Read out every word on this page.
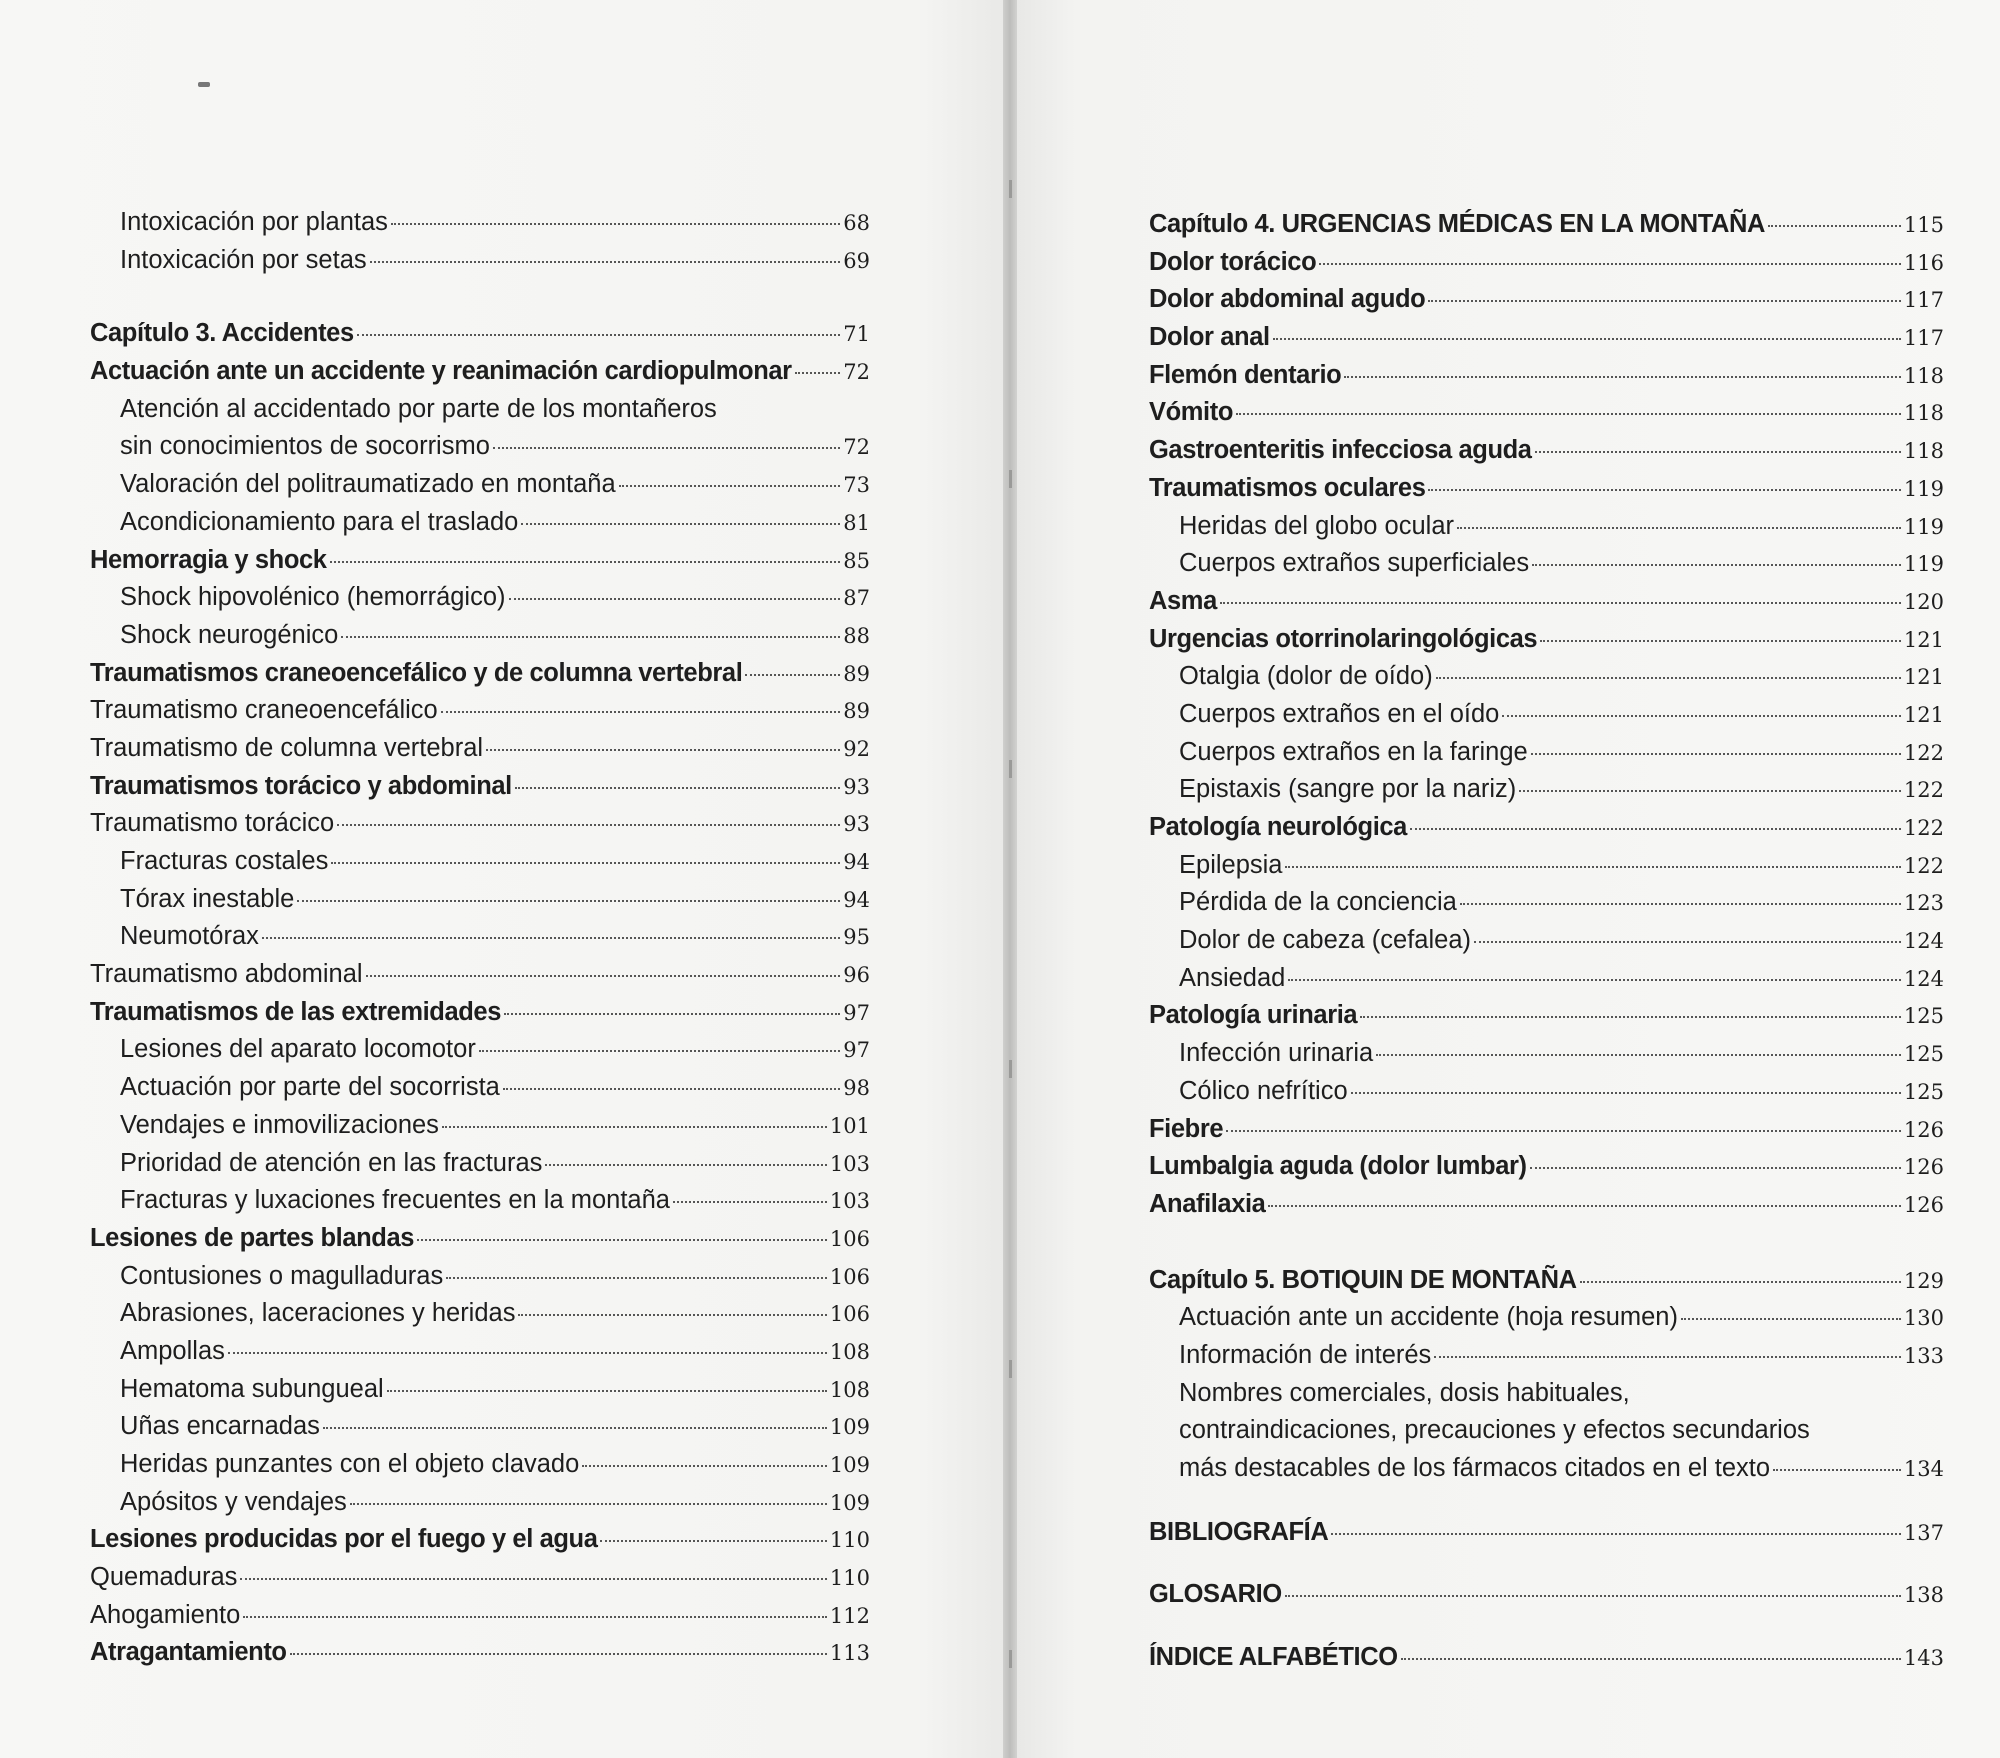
Intoxicación por plantas	68
Intoxicación por setas	69
Capítulo 3. Accidentes	71
Actuación ante un accidente y reanimación cardiopulmonar 72
Atención al accidentado por parte de los montañeros
sin conocimientos de socorrismo	72
Valoración del politraumatizado en montaña	73
Acondicionamiento para el traslado	81
Hemorragia y shock	85
Shock hipovolénico (hemorrágico)	87
Shock neurogénico	88
Traumatismos craneoencefálico y de columna vertebral	89
Traumatismo craneoencefálico	89
Traumatismo de columna vertebral	92
Traumatismos torácico y abdominal	93
Traumatismo torácico	93
Fracturas costales	94
Tórax inestable	94
Neumotórax	95
Traumatismo abdominal	96
Traumatismos de las extremidades	97
Lesiones del aparato locomotor	97
Actuación por parte del socorrista	98
Vendajes e inmovilizaciones	101
Prioridad de atención en las fracturas	103
Fracturas y luxaciones frecuentes en la montaña	103
Lesiones de partes blandas	106
Contusiones o magulladuras	106
Abrasiones, laceraciones y heridas	106
Ampollas	108
Hematoma subungueal	108
Uñas encarnadas	109
Heridas punzantes con el objeto clavado	109
Apósitos y vendajes	109
Lesiones producidas por el fuego y el agua	110
Quemaduras	110
Ahogamiento	112
Atragantamiento	113
Capítulo 4. URGENCIAS MÉDICAS EN LA MONTAÑA	115
Dolor torácico	116
Dolor abdominal agudo	117
Dolor anal	117
Flemón dentario	118
Vómito	118
Gastroenteritis infecciosa aguda	118
Traumatismos oculares	119
Heridas del globo ocular	119
Cuerpos extraños superficiales	119
Asma	120
Urgencias otorrinolaringológicas	121
Otalgia (dolor de oído)	121
Cuerpos extraños en el oído	121
Cuerpos extraños en la faringe	122
Epistaxis (sangre por la nariz)	122
Patología neurológica	122
Epilepsia	122
Pérdida de la conciencia	123
Dolor de cabeza (cefalea)	124
Ansiedad	124
Patología urinaria	125
Infección urinaria	125
Cólico nefrítico	125
Fiebre	126
Lumbalgia aguda (dolor lumbar)	126
Anafilaxia	126
Capítulo 5. BOTIQUIN DE MONTAÑA	129
Actuación ante un accidente (hoja resumen)	130
Información de interés	133
Nombres comerciales, dosis habituales,
contraindicaciones, precauciones y efectos secundarios
más destacables de los fármacos citados en el texto	134
BIBLIOGRAFÍA	137
GLOSARIO	138
ÍNDICE ALFABÉTICO	143
